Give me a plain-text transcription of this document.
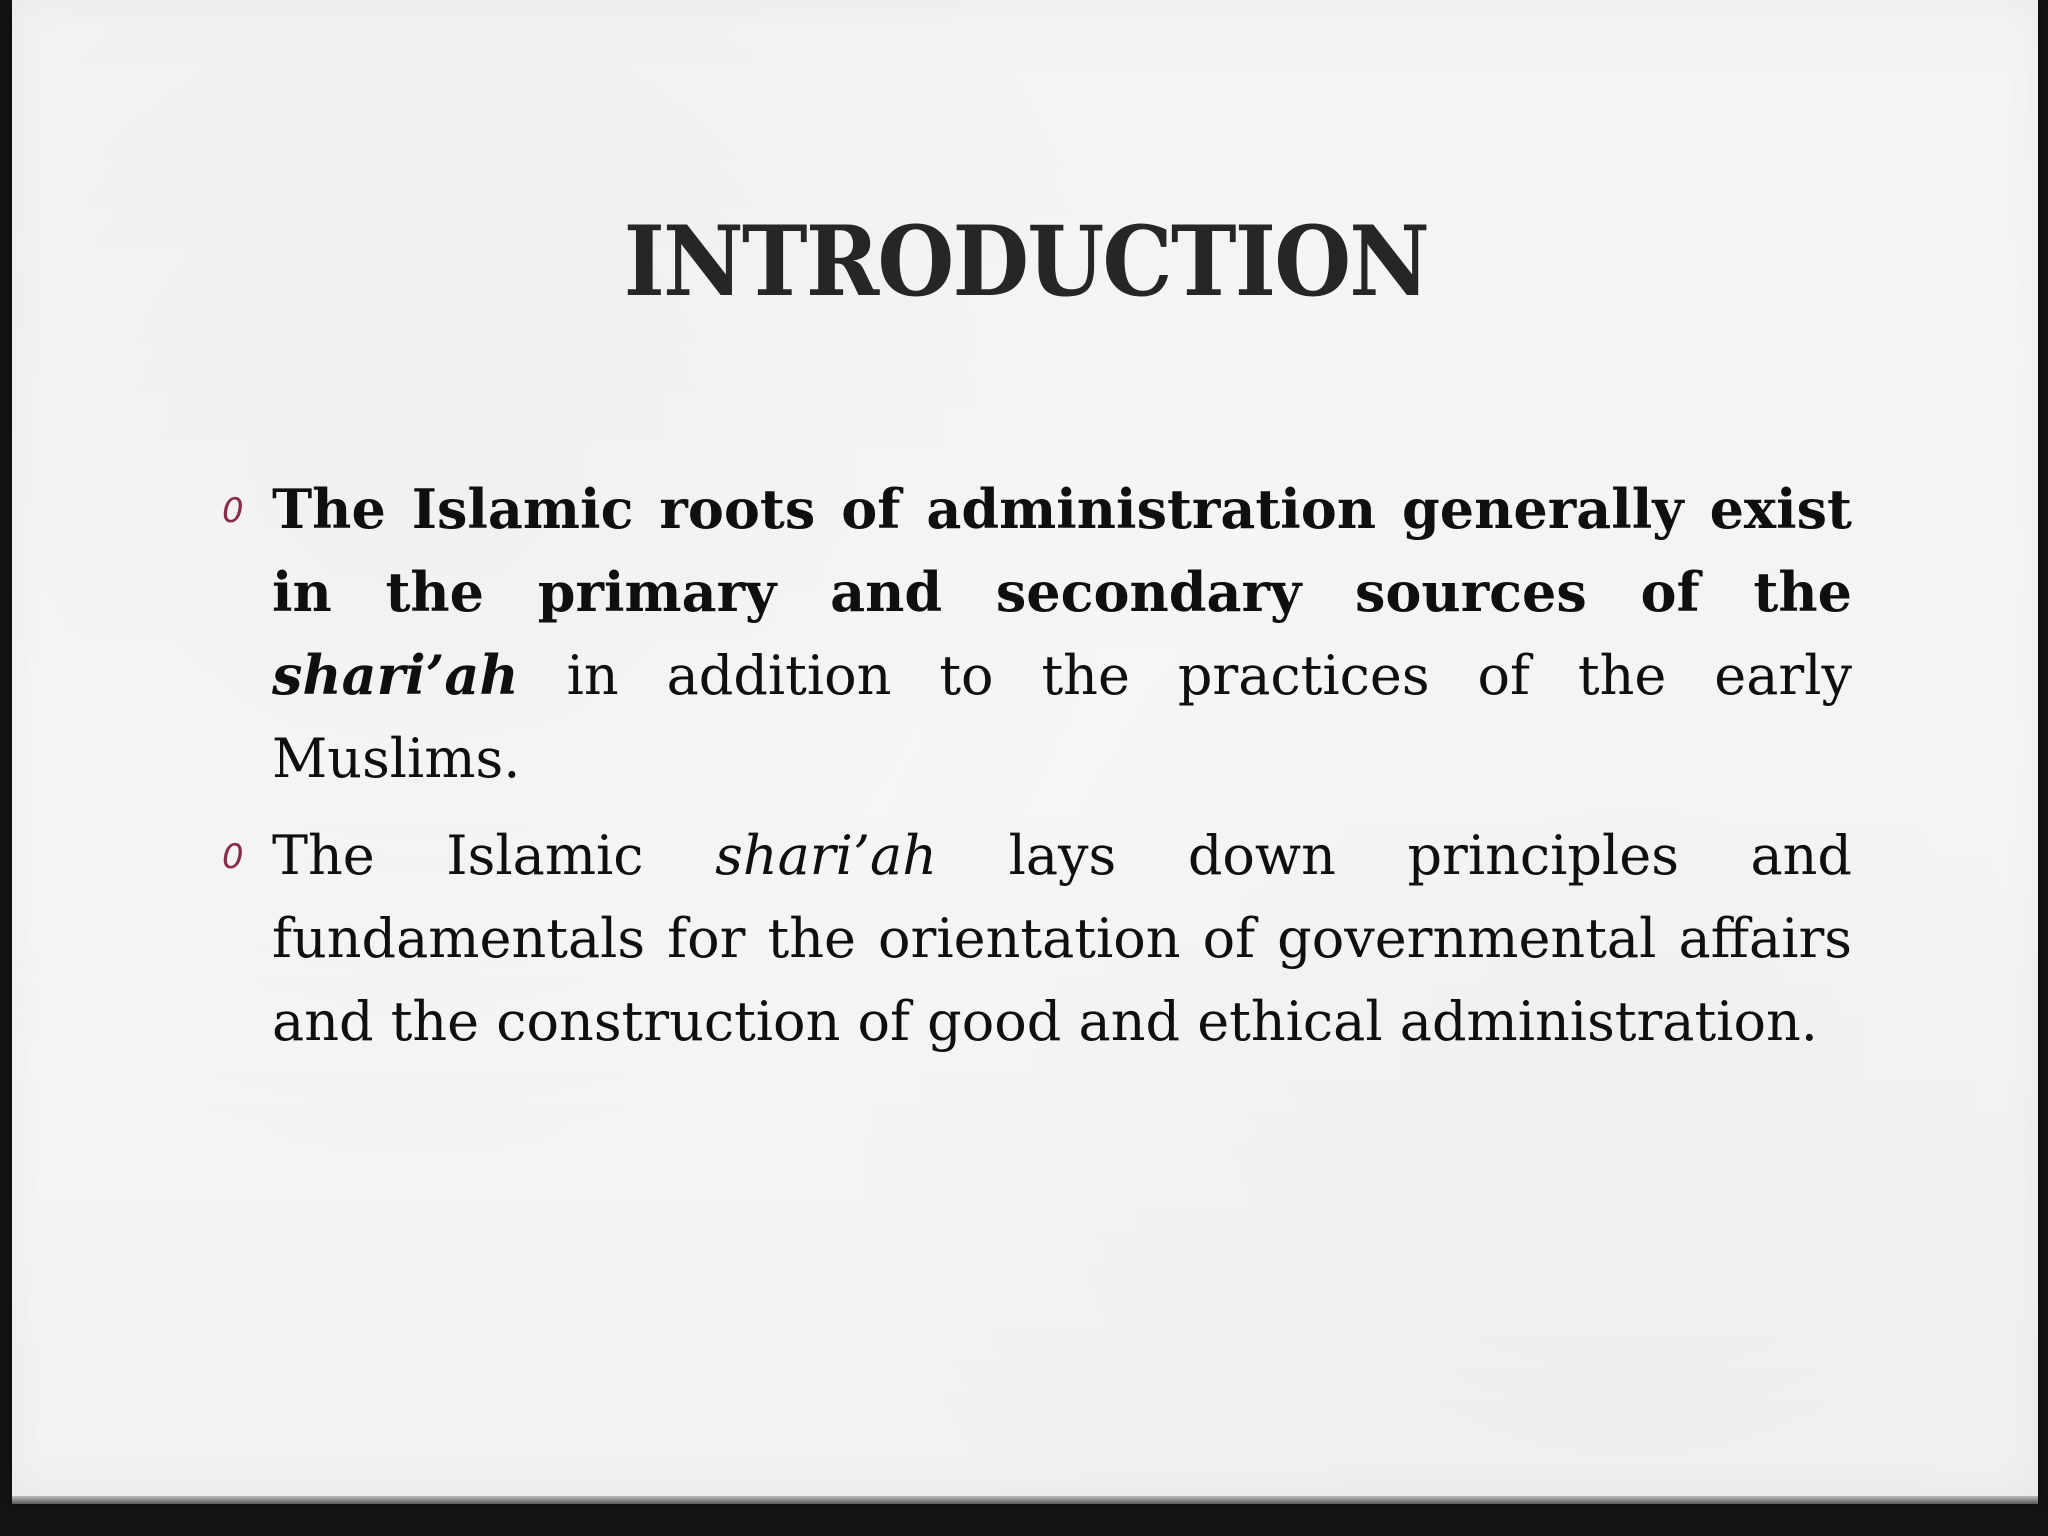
INTRODUCTION
0 The Islamic roots of administration generally exist in the primary and secondary sources of the shari’ah in addition to the practices of the early Muslims.
0 The Islamic shari’ah lays down principles and fundamentals for the orientation of governmental affairs and the construction of good and ethical administration.
